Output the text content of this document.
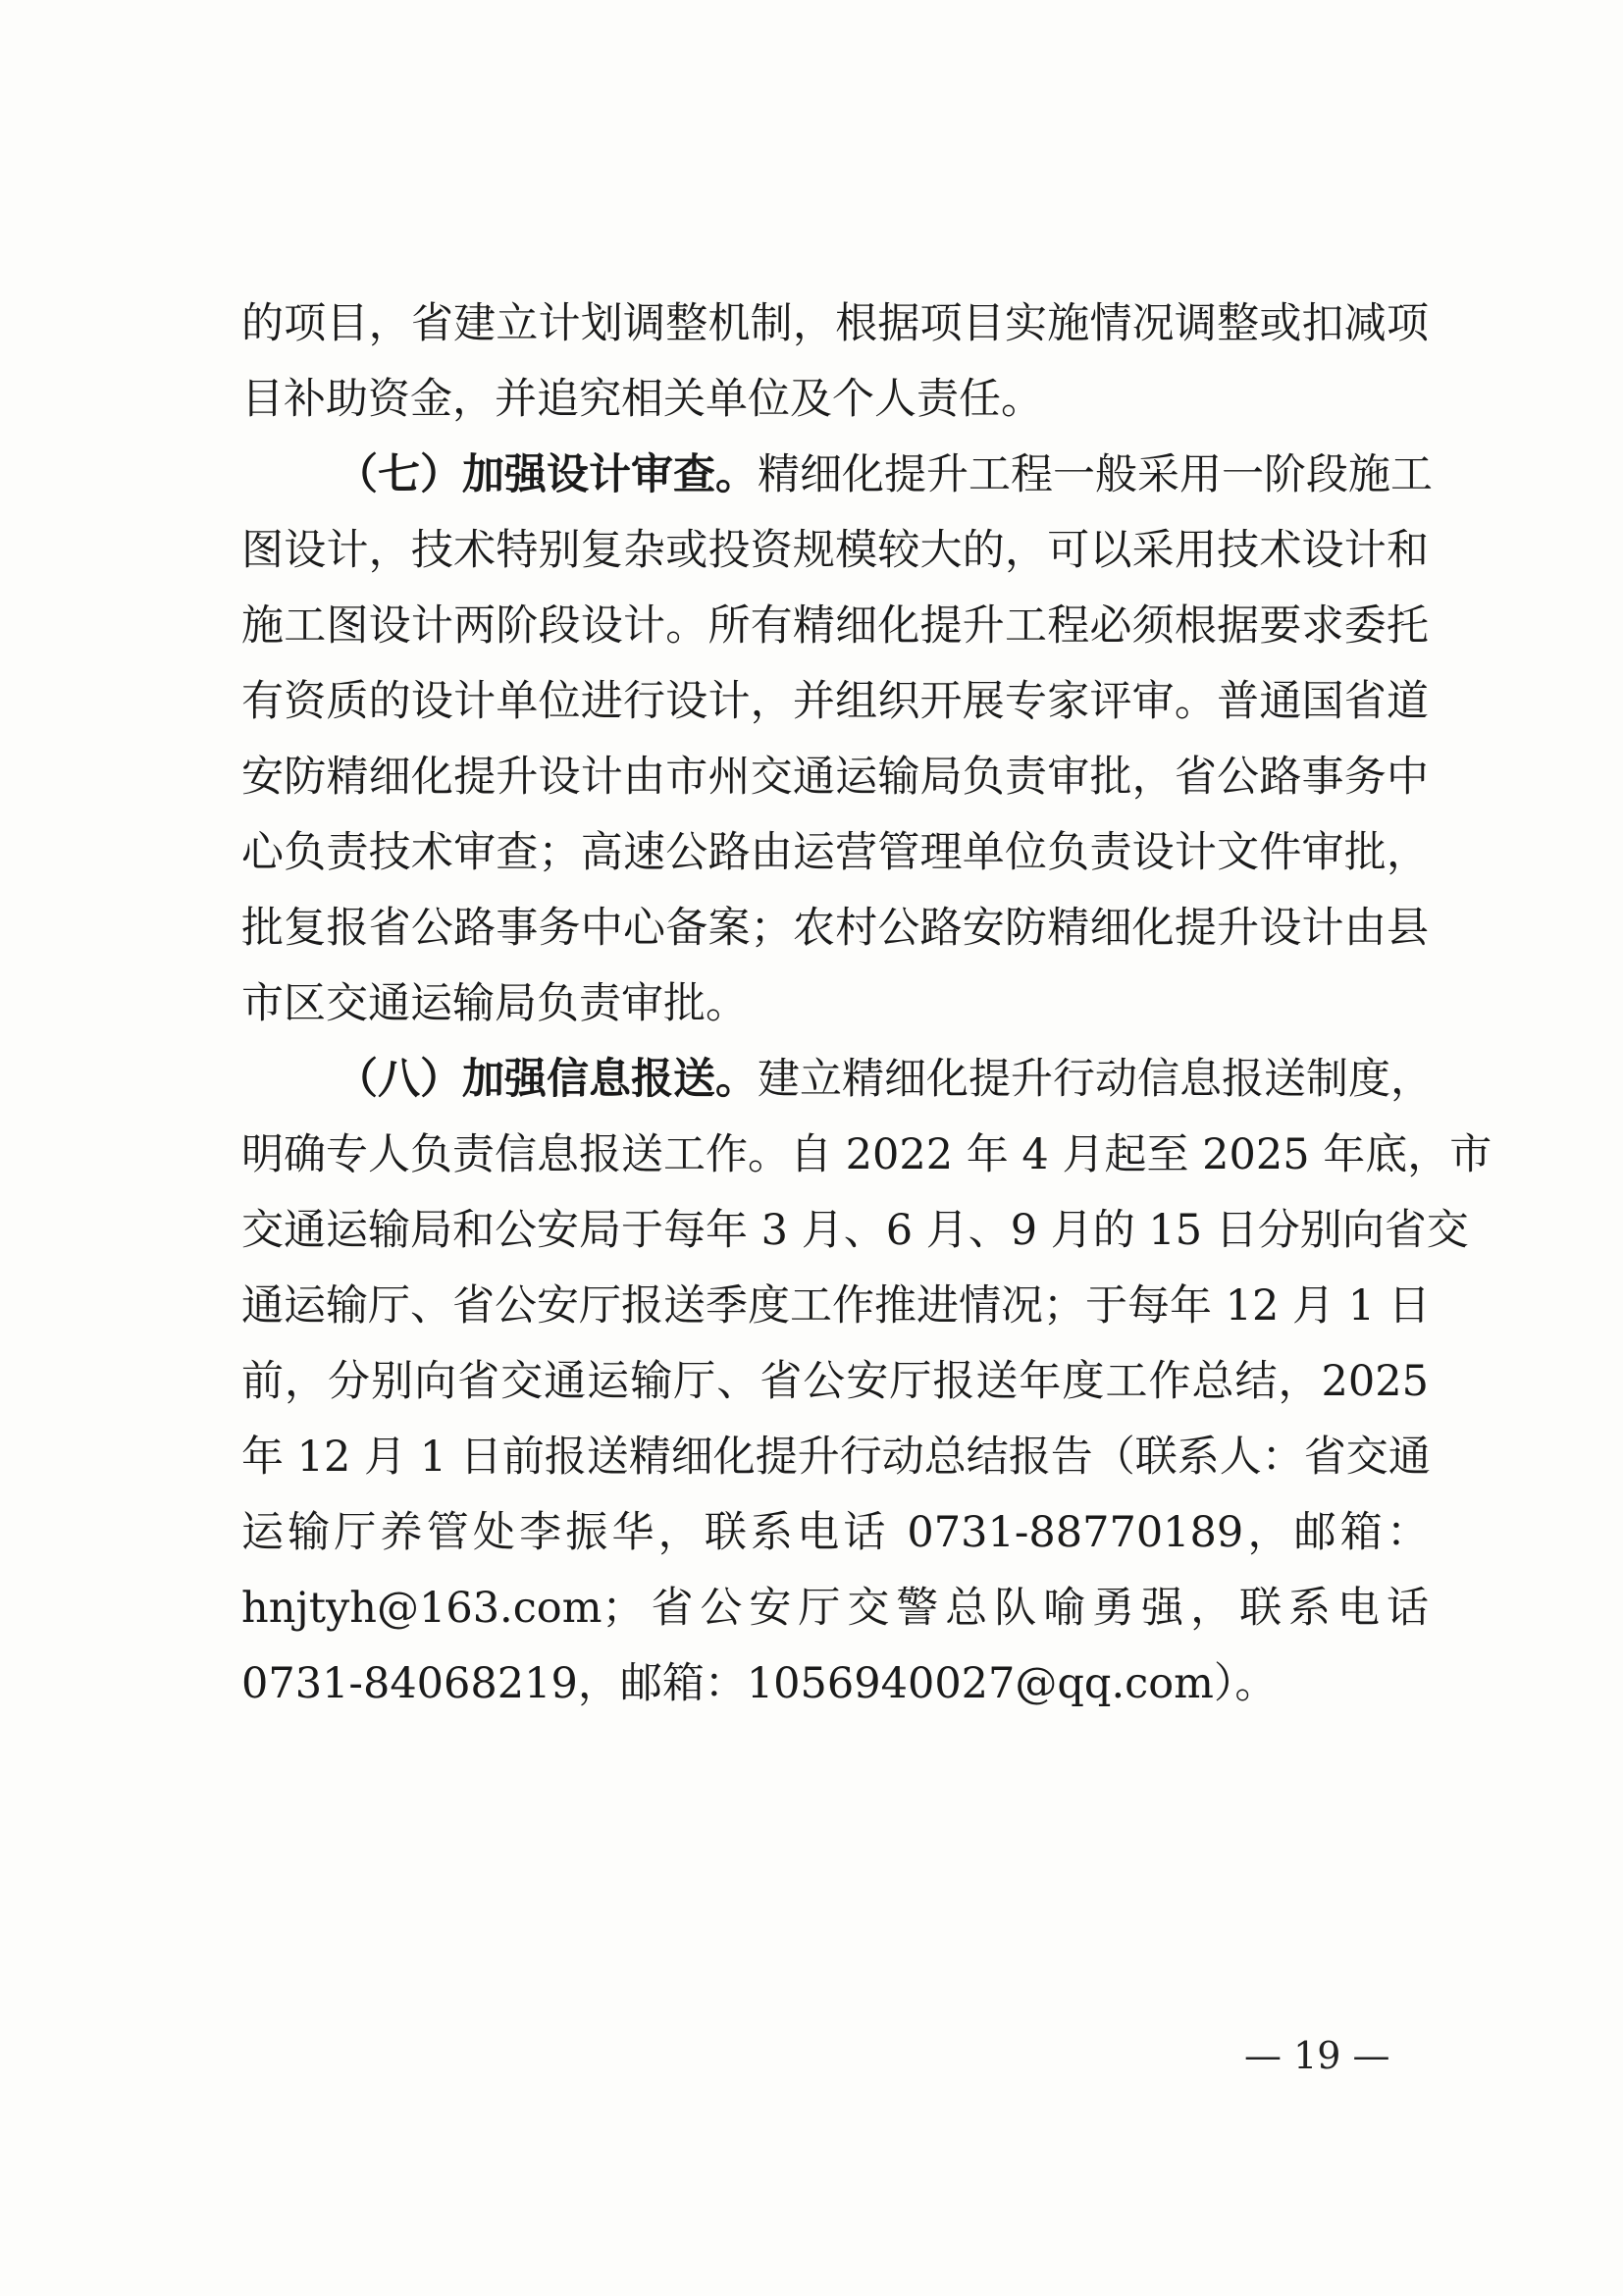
的项目，省建立计划调整机制，根据项目实施情况调整或扣减项
目补助资金，并追究相关单位及个人责任。
（七）加强设计审查。精细化提升工程一般采用一阶段施工
图设计，技术特别复杂或投资规模较大的，可以采用技术设计和
施工图设计两阶段设计。所有精细化提升工程必须根据要求委托
有资质的设计单位进行设计，并组织开展专家评审。普通国省道
安防精细化提升设计由市州交通运输局负责审批，省公路事务中
心负责技术审查；高速公路由运营管理单位负责设计文件审批，
批复报省公路事务中心备案；农村公路安防精细化提升设计由县
市区交通运输局负责审批。
（八）加强信息报送。建立精细化提升行动信息报送制度，
明确专人负责信息报送工作。自 2022 年 4 月起至 2025 年底，市
交通运输局和公安局于每年 3 月、6 月、9 月的 15 日分别向省交
通运输厅、省公安厅报送季度工作推进情况；于每年 12 月 1 日
前，分别向省交通运输厅、省公安厅报送年度工作总结，2025
年 12 月 1 日前报送精细化提升行动总结报告（联系人：省交通
运输厅养管处李振华，联系电话 0731-88770189，邮箱：
hnjtyh@163.com；省公安厅交警总队喻勇强，联系电话
0731-84068219，邮箱：1056940027@qq.com）。
— 19 —
